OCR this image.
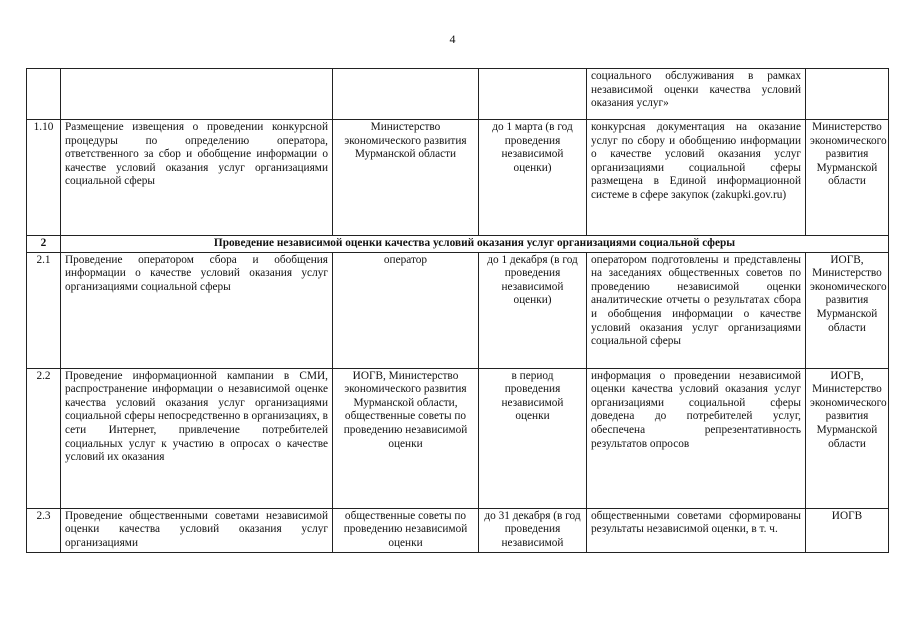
4
				социального обслуживания в рамках независимой оценки качества условий оказания услуг»	
1.10	Размещение извещения о проведении конкурсной процедуры по определению оператора, ответственного за сбор и обобщение информации о качестве условий оказания услуг организациями социальной сферы	Министерство экономического развития Мурманской области	до 1 марта (в год проведения независимой оценки)	конкурсная документация на оказание услуг по сбору и обобщению информации о качестве условий оказания услуг организациями социальной сферы размещена в Единой информационной системе в сфере закупок (zakupki.gov.ru)	Министерство экономического развития Мурманской области
2	Проведение независимой оценки качества условий оказания услуг организациями социальной сферы				
2.1	Проведение оператором сбора и обобщения информации о качестве условий оказания услуг организациями социальной сферы	оператор	до 1 декабря (в год проведения независимой оценки)	оператором подготовлены и представлены на заседаниях общественных советов по проведению независимой оценки аналитические отчеты о результатах сбора и обобщения информации о качестве условий оказания услуг организациями социальной сферы	ИОГВ, Министерство экономического развития Мурманской области
2.2	Проведение информационной кампании в СМИ, распространение информации о независимой оценке качества условий оказания услуг организациями социальной сферы непосредственно в организациях, в сети Интернет, привлечение потребителей социальных услуг к участию в опросах о качестве условий их оказания	ИОГВ, Министерство экономического развития Мурманской области, общественные советы по проведению независимой оценки	в период проведения независимой оценки	информация о проведении независимой оценки качества условий оказания услуг организациями социальной сферы доведена до потребителей услуг, обеспечена репрезентативность результатов опросов	ИОГВ, Министерство экономического развития Мурманской области
2.3	Проведение общественными советами независимой оценки качества условий оказания услуг организациями	общественные советы по проведению независимой оценки	до 31 декабря (в год проведения независимой	общественными советами сформированы результаты независимой оценки, в т. ч.	ИОГВ
